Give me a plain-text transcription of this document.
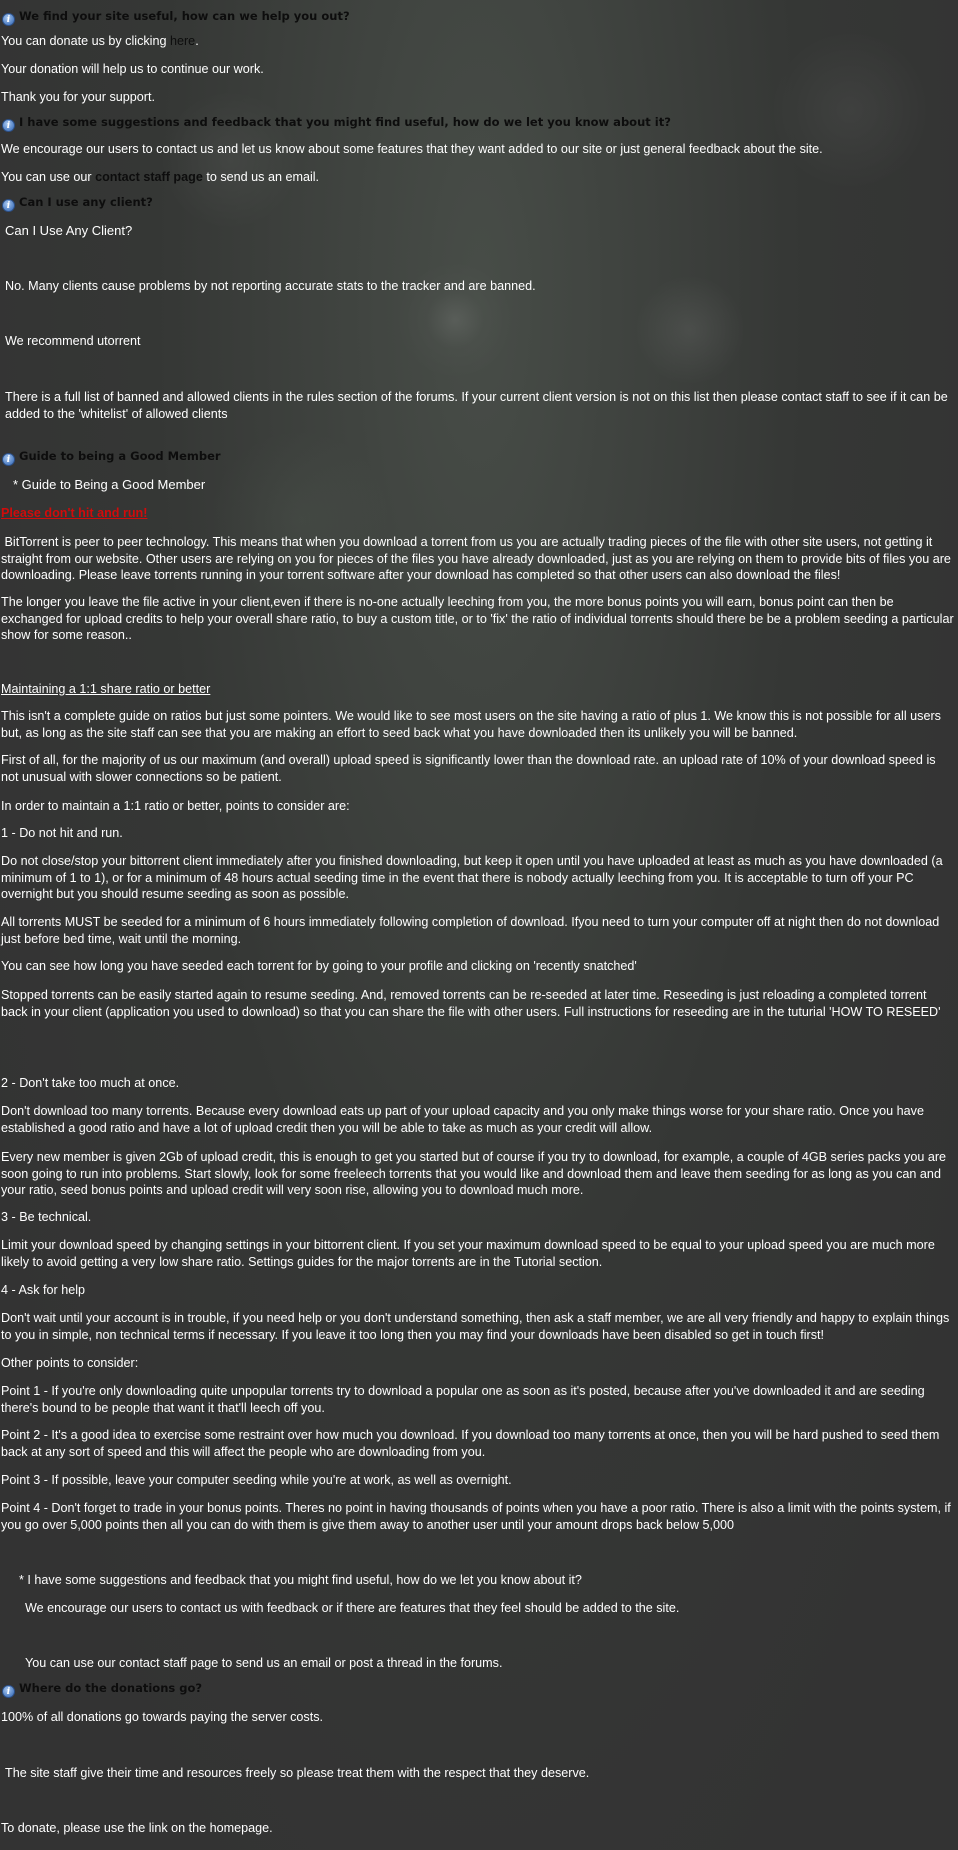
i We find your site useful, how can we help you out?

You can donate us by clicking here.

Your donation will help us to continue our work.

Thank you for your support.

i I have some suggestions and feedback that you might find useful, how do we let you know about it?

We encourage our users to contact us and let us know about some features that they want added to our site or just general feedback about the site.

You can use our contact staff page to send us an email.

i Can I use any client?

Can I Use Any Client?

No. Many clients cause problems by not reporting accurate stats to the tracker and are banned.

We recommend utorrent

There is a full list of banned and allowed clients in the rules section of the forums. If your current client version is not on this list then please contact staff to see if it can be added to the 'whitelist' of allowed clients

i Guide to being a Good Member

* Guide to Being a Good Member

Please don't hit and run!

BitTorrent is peer to peer technology. This means that when you download a torrent from us you are actually trading pieces of the file with other site users, not getting it straight from our website. Other users are relying on you for pieces of the files you have already downloaded, just as you are relying on them to provide bits of files you are downloading. Please leave torrents running in your torrent software after your download has completed so that other users can also download the files!

The longer you leave the file active in your client,even if there is no-one actually leeching from you, the more bonus points you will earn, bonus point can then be exchanged for upload credits to help your overall share ratio, to buy a custom title, or to 'fix' the ratio of individual torrents should there be be a problem seeding a particular show for some reason..

Maintaining a 1:1 share ratio or better

This isn't a complete guide on ratios but just some pointers. We would like to see most users on the site having a ratio of plus 1. We know this is not possible for all users but, as long as the site staff can see that you are making an effort to seed back what you have downloaded then its unlikely you will be banned.

First of all, for the majority of us our maximum (and overall) upload speed is significantly lower than the download rate. an upload rate of 10% of your download speed is not unusual with slower connections so be patient.

In order to maintain a 1:1 ratio or better, points to consider are:

1 - Do not hit and run.

Do not close/stop your bittorrent client immediately after you finished downloading, but keep it open until you have uploaded at least as much as you have downloaded (a minimum of 1 to 1), or for a minimum of 48 hours actual seeding time in the event that there is nobody actually leeching from you. It is acceptable to turn off your PC overnight but you should resume seeding as soon as possible.

All torrents MUST be seeded for a minimum of 6 hours immediately following completion of download. Ifyou need to turn your computer off at night then do not download just before bed time, wait until the morning.

You can see how long you have seeded each torrent for by going to your profile and clicking on 'recently snatched'

Stopped torrents can be easily started again to resume seeding. And, removed torrents can be re-seeded at later time. Reseeding is just reloading a completed torrent back in your client (application you used to download) so that you can share the file with other users. Full instructions for reseeding are in the tuturial 'HOW TO RESEED'

2 - Don't take too much at once.

Don't download too many torrents. Because every download eats up part of your upload capacity and you only make things worse for your share ratio. Once you have established a good ratio and have a lot of upload credit then you will be able to take as much as your credit will allow.

Every new member is given 2Gb of upload credit, this is enough to get you started but of course if you try to download, for example, a couple of 4GB series packs you are soon going to run into problems. Start slowly, look for some freeleech torrents that you would like and download them and leave them seeding for as long as you can and your ratio, seed bonus points and upload credit will very soon rise, allowing you to download much more.

3 - Be technical.

Limit your download speed by changing settings in your bittorrent client. If you set your maximum download speed to be equal to your upload speed you are much more likely to avoid getting a very low share ratio. Settings guides for the major torrents are in the Tutorial section.

4 - Ask for help

Don't wait until your account is in trouble, if you need help or you don't understand something, then ask a staff member, we are all very friendly and happy to explain things to you in simple, non technical terms if necessary. If you leave it too long then you may find your downloads have been disabled so get in touch first!

Other points to consider:

Point 1 - If you're only downloading quite unpopular torrents try to download a popular one as soon as it's posted, because after you've downloaded it and are seeding there's bound to be people that want it that'll leech off you.

Point 2 - It's a good idea to exercise some restraint over how much you download. If you download too many torrents at once, then you will be hard pushed to seed them back at any sort of speed and this will affect the people who are downloading from you.

Point 3 - If possible, leave your computer seeding while you're at work, as well as overnight.

Point 4 - Don't forget to trade in your bonus points. Theres no point in having thousands of points when you have a poor ratio. There is also a limit with the points system, if you go over 5,000 points then all you can do with them is give them away to another user until your amount drops back below 5,000

* I have some suggestions and feedback that you might find useful, how do we let you know about it?

We encourage our users to contact us with feedback or if there are features that they feel should be added to the site.

You can use our contact staff page to send us an email or post a thread in the forums.

i Where do the donations go?

100% of all donations go towards paying the server costs.

The site staff give their time and resources freely so please treat them with the respect that they deserve.

To donate, please use the link on the homepage.
